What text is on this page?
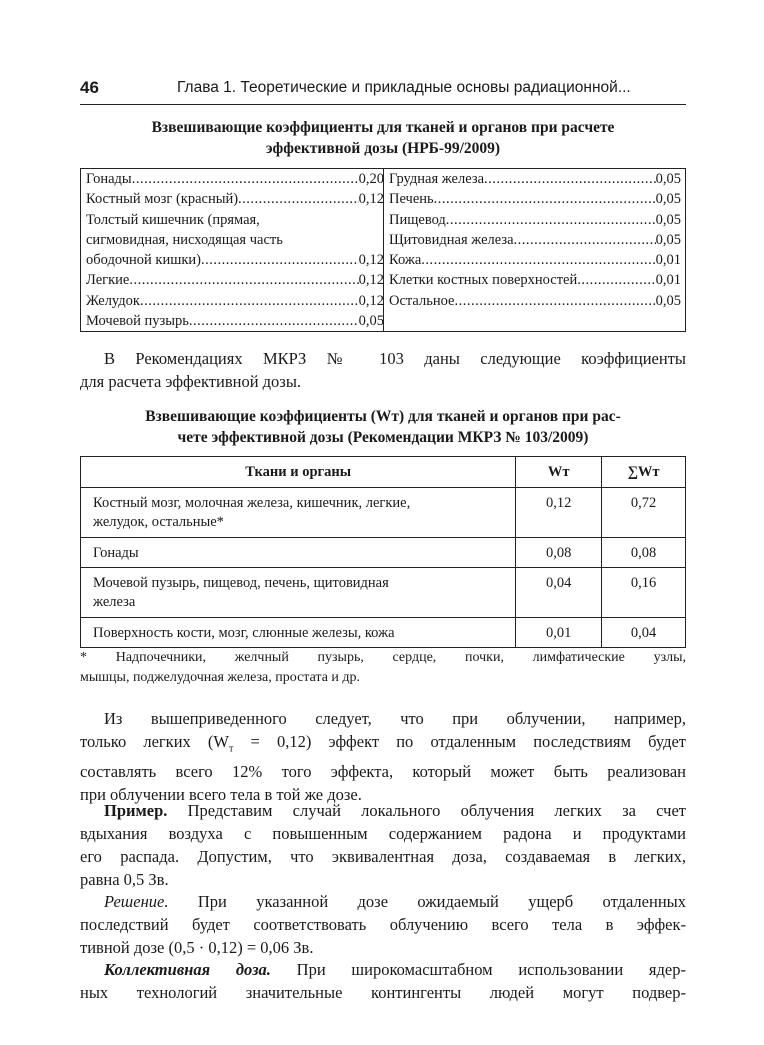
46	Глава 1. Теоретические и прикладные основы радиационной...
Взвешивающие коэффициенты для тканей и органов при расчете
эффективной дозы (НРБ-99/2009)
Гонады .....	0,20
Костный мозг (красный) .....	0,12
Толстый кишечник (прямая,
сигмовидная, нисходящая часть
ободочной кишки) .....	0,12
Легкие .....	0,12
Желудок .....	0,12
Мочевой пузырь .....	0,05
Грудная железа .....	0,05
Печень .....	0,05
Пищевод .....	0,05
Щитовидная железа .....	0,05
Кожа .....	0,01
Клетки костных поверхностей .....	0,01
Остальное .....	0,05
В Рекомендациях МКРЗ № 103 даны следующие коэффициенты
для расчета эффективной дозы.
Взвешивающие коэффициенты (Wт) для тканей и органов при рас-
чете эффективной дозы (Рекомендации МКРЗ № 103/2009)
Ткани и органы	Wт	∑Wт

Костный мозг, молочная железа, кишечник, легкие,
желудок, остальные*	0,12	0,72

Гонады	0,08	0,08

Мочевой пузырь, пищевод, печень, щитовидная
железа	0,04	0,16

Поверхность кости, мозг, слюнные железы, кожа	0,01	0,04
* Надпочечники, желчный пузырь, сердце, почки, лимфатические узлы,
мышцы, поджелудочная железа, простата и др.
Из вышеприведенного следует, что при облучении, например,
только легких $(W_т = 0,12)$ эффект по отдаленным последствиям будет
составлять всего 12% того эффекта, который может быть реализован
при облучении всего тела в той же дозе.
Пример. Представим случай локального облучения легких за счет
вдыхания воздуха с повышенным содержанием радона и продуктами
его распада. Допустим, что эквивалентная доза, создаваемая в легких,
равна 0,5 Зв.
Решение. При указанной дозе ожидаемый ущерб отдаленных
последствий будет соответствовать облучению всего тела в эффек-
тивной дозе (0,5 · 0,12) = 0,06 Зв.
Коллективная доза. При широкомасштабном использовании ядер-
ных технологий значительные контингенты людей могут подвер-
